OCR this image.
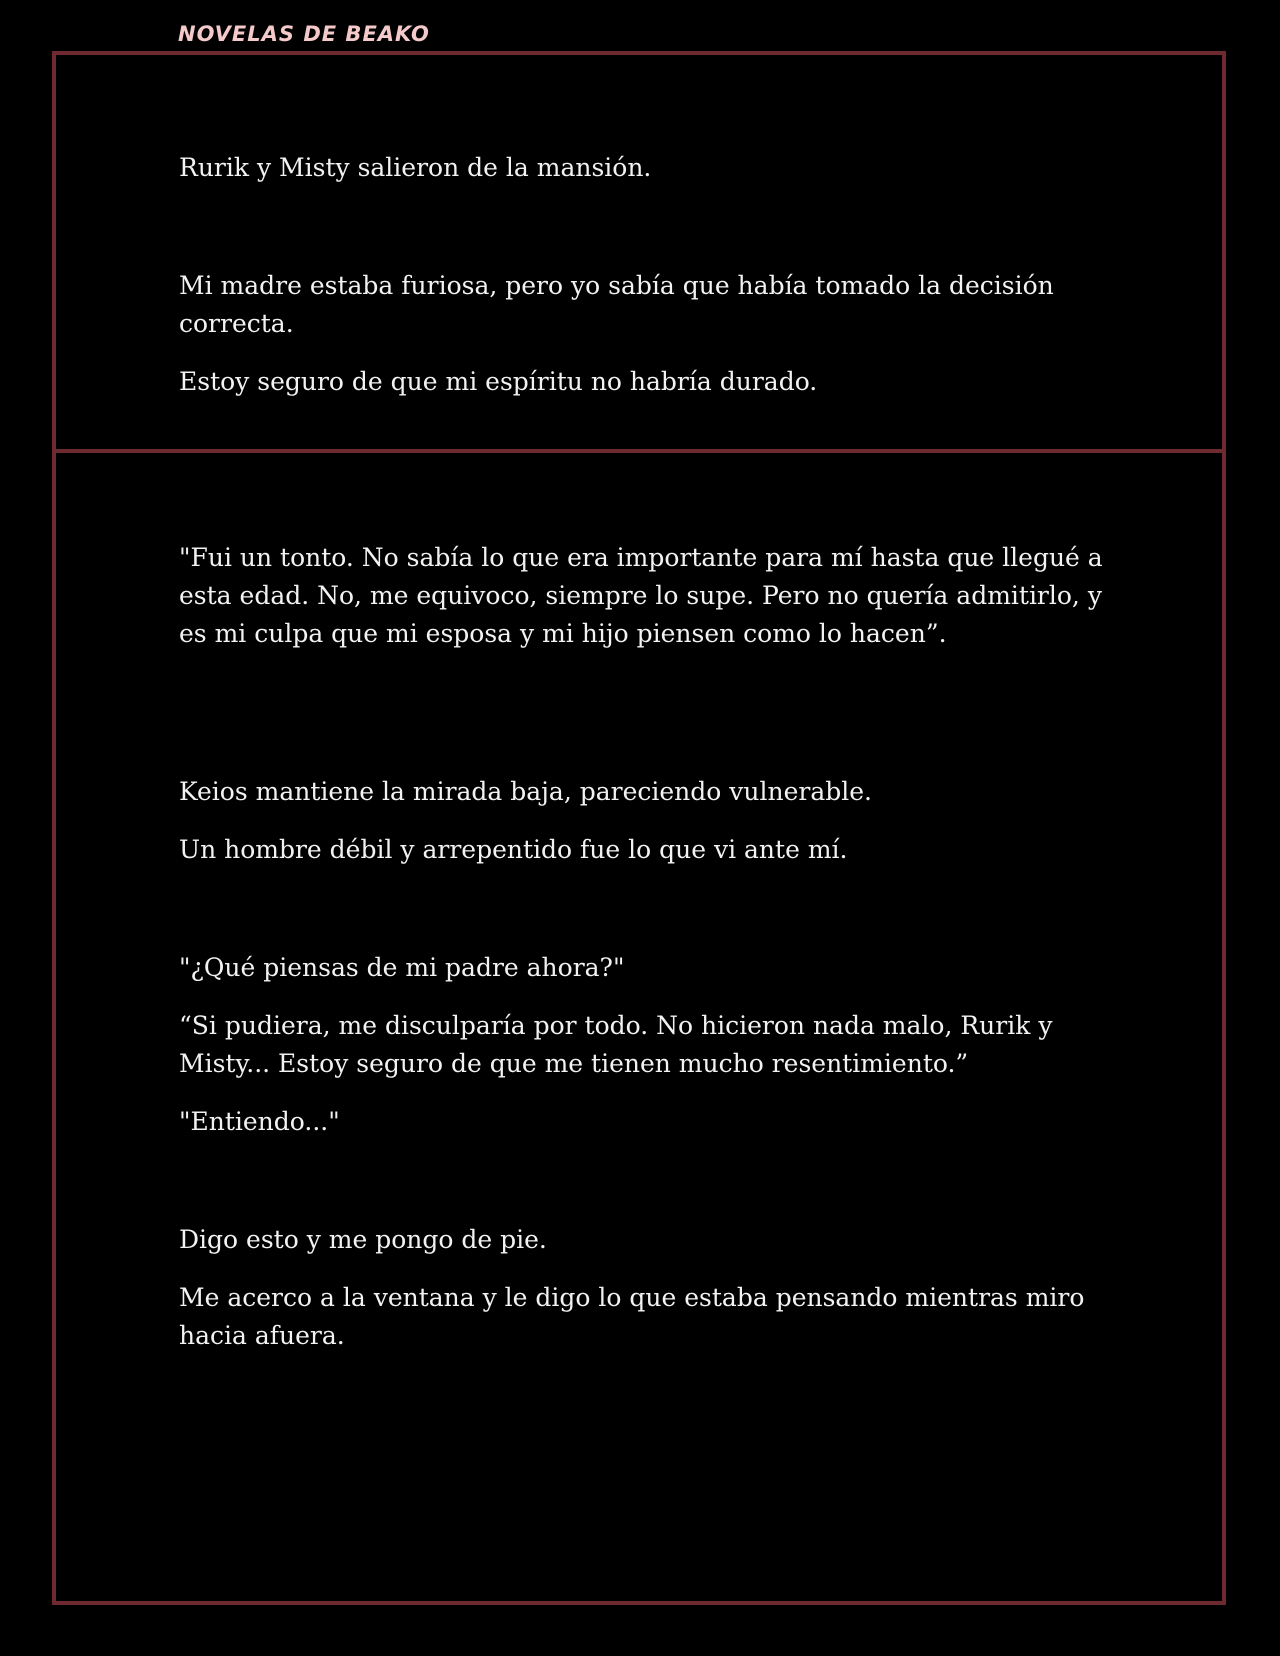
NOVELAS DE BEAKO

Rurik y Misty salieron de la mansión.

Mi madre estaba furiosa, pero yo sabía que había tomado la decisión correcta.

Estoy seguro de que mi espíritu no habría durado.

"Fui un tonto. No sabía lo que era importante para mí hasta que llegué a esta edad. No, me equivoco, siempre lo supe. Pero no quería admitirlo, y es mi culpa que mi esposa y mi hijo piensen como lo hacen”.

Keios mantiene la mirada baja, pareciendo vulnerable.

Un hombre débil y arrepentido fue lo que vi ante mí.

"¿Qué piensas de mi padre ahora?"

“Si pudiera, me disculparía por todo. No hicieron nada malo, Rurik y Misty... Estoy seguro de que me tienen mucho resentimiento.”

"Entiendo..."

Digo esto y me pongo de pie.

Me acerco a la ventana y le digo lo que estaba pensando mientras miro hacia afuera.
